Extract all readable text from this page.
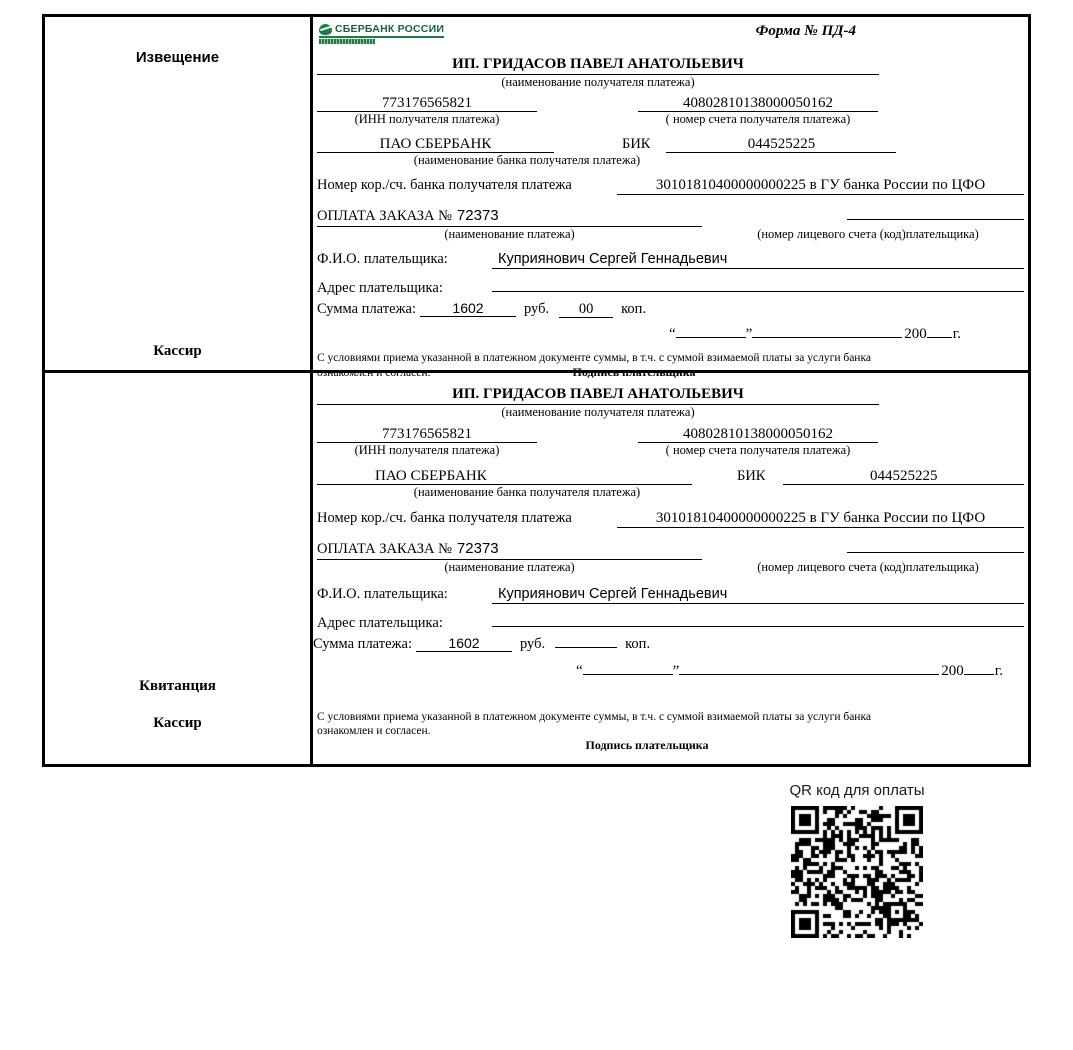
Извещение
Кассир
СБЕРБАНК РОССИИ	Форма № ПД-4
ИП. ГРИДАСОВ ПАВЕЛ АНАТОЛЬЕВИЧ
(наименование получателя платежа)
773176565821	40802810138000050162
(ИНН получателя платежа)	( номер счета получателя платежа)
ПАО СБЕРБАНК	БИК	044525225
(наименование банка получателя платежа)
Номер кор./сч. банка получателя платежа	30101810400000000225 в ГУ банка России по ЦФО
ОПЛАТА ЗАКАЗА № 72373
(наименование платежа)	(номер лицевого счета (код)плательщика)
Ф.И.О. плательщика:	Куприянович Сергей Геннадьевич
Адрес плательщика:
Сумма платежа:	1602	руб.	00	коп.
“	”	200 г.
С условиями приема указанной в платежном документе суммы, в т.ч. с суммой взимаемой платы за услуги банка
ознакомлен и согласен.	Подпись плательщика
Квитанция
Кассир
ИП. ГРИДАСОВ ПАВЕЛ АНАТОЛЬЕВИЧ
(наименование получателя платежа)
773176565821	40802810138000050162
(ИНН получателя платежа)	( номер счета получателя платежа)
ПАО СБЕРБАНК	БИК	044525225
(наименование банка получателя платежа)
Номер кор./сч. банка получателя платежа	30101810400000000225 в ГУ банка России по ЦФО
ОПЛАТА ЗАКАЗА № 72373
(наименование платежа)	(номер лицевого счета (код)плательщика)
Ф.И.О. плательщика:	Куприянович Сергей Геннадьевич
Адрес плательщика:
Сумма платежа:	1602	руб.	коп.
“	”	200 г.
С условиями приема указанной в платежном документе суммы, в т.ч. с суммой взимаемой платы за услуги банка
ознакомлен и согласен.
Подпись плательщика
QR код для оплаты
